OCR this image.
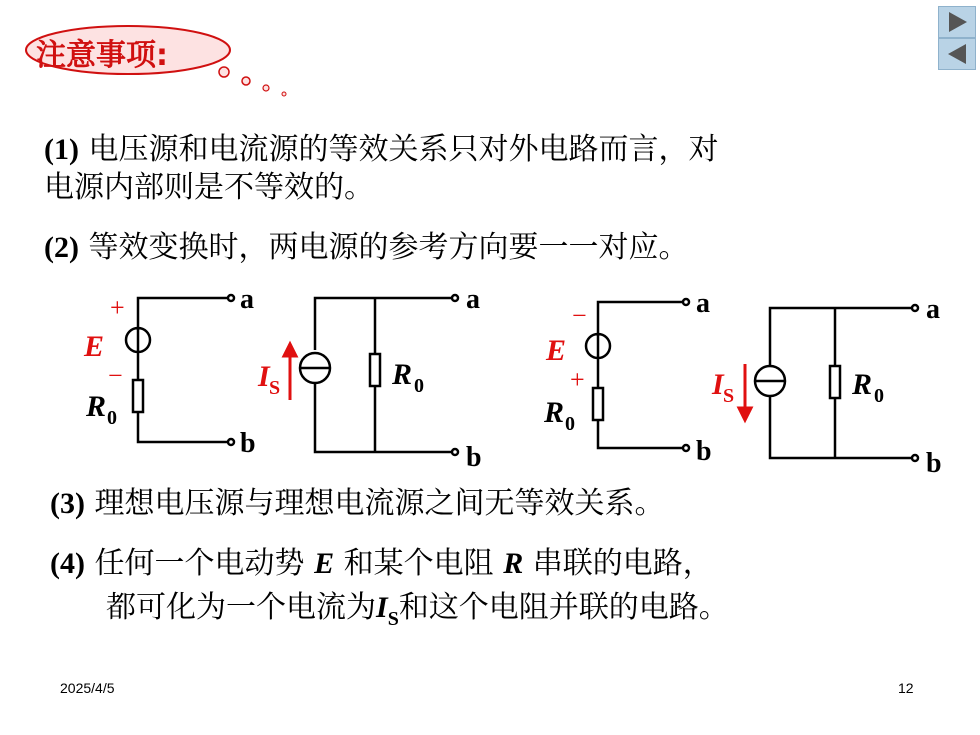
注意事项:
(1) 电压源和电流源的等效关系只对外电路而言，对
电源内部则是不等效的。
(2) 等效变换时，两电源的参考方向要一一对应。
a
b
a
b
a
b
a
b
+
E
−
R 0
I S	R 0
−
E
+
R 0
I S	R 0
(3) 理想电压源与理想电流源之间无等效关系。
(4) 任何一个电动势 E 和某个电阻 R 串联的电路，
都可化为一个电流为$I_S$和这个电阻并联的电路。
2025/4/5	12
